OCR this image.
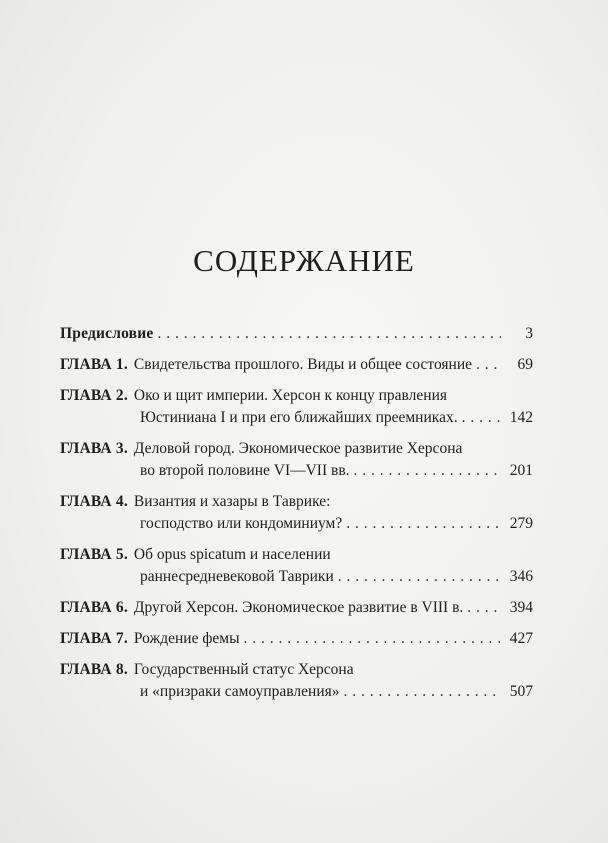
СОДЕРЖАНИЕ
Предисловие . . .	3
ГЛАВА 1. Свидетельства прошлого. Виды и общее состояние . . .	69
ГЛАВА 2. Око и щит империи. Херсон к концу правления
Юстиниана I и при его ближайших преемниках. . . .	142
ГЛАВА 3. Деловой город. Экономическое развитие Херсона
во второй половине VI—VII вв. . . .	201
ГЛАВА 4. Византия и хазары в Таврике:
господство или кондоминиум? . . .	279
ГЛАВА 5. Об opus spicatum и населении
раннесредневековой Таврики . . .	346
ГЛАВА 6. Другой Херсон. Экономическое развитие в VIII в. . . .	394
ГЛАВА 7. Рождение фемы . . .	427
ГЛАВА 8. Государственный статус Херсона
и «призраки самоуправления» . . .	507
